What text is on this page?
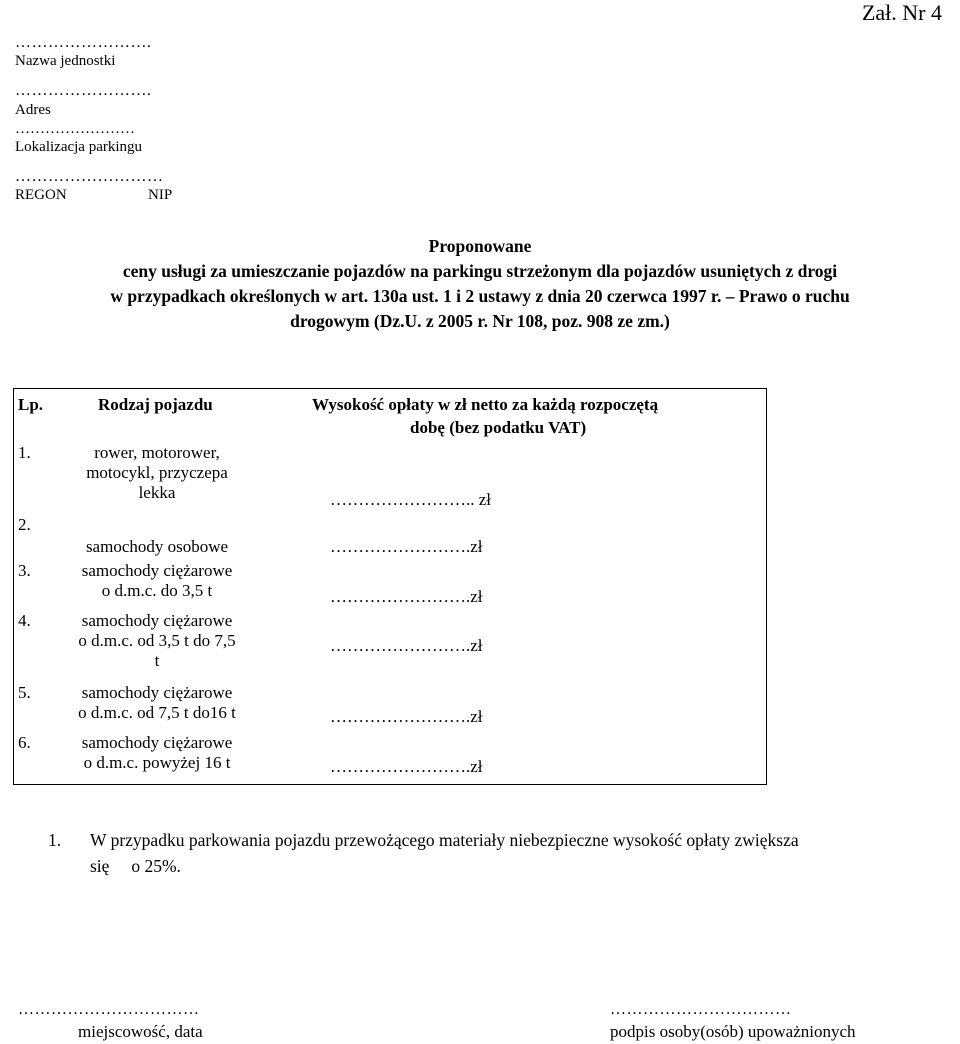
Zał. Nr 4
…………………….
Nazwa jednostki
…………………….
Adres
……………………
Lokalizacja parkingu
………………………
REGON	NIP
Proponowane
ceny usługi za umieszczanie pojazdów na parkingu strzeżonym dla pojazdów usuniętych z drogi
w przypadkach określonych w art. 130a ust. 1 i 2 ustawy z dnia 20 czerwca 1997 r. – Prawo o ruchu
drogowym (Dz.U. z 2005 r. Nr 108, poz. 908 ze zm.)
Lp.	Rodzaj pojazdu	Wysokość opłaty w zł netto za każdą rozpoczętą
dobę (bez podatku VAT)
1.	rower, motorower,
motocykl, przyczepa
lekka	…………………….. zł
2.
samochody osobowe	…………………….zł
3.	samochody ciężarowe
o d.m.c. do 3,5 t	…………………….zł
4.	samochody ciężarowe
o d.m.c. od 3,5 t do 7,5
t
…………………….zł
5.	samochody ciężarowe
o d.m.c. od 7,5 t do16 t	…………………….zł
6.	samochody ciężarowe
o d.m.c. powyżej 16 t	…………………….zł
1. W przypadku parkowania pojazdu przewożącego materiały niebezpieczne wysokość opłaty zwiększa
się     o 25%.
……………………………
miejscowość, data
……………………………
podpis osoby(osób) upoważnionych
